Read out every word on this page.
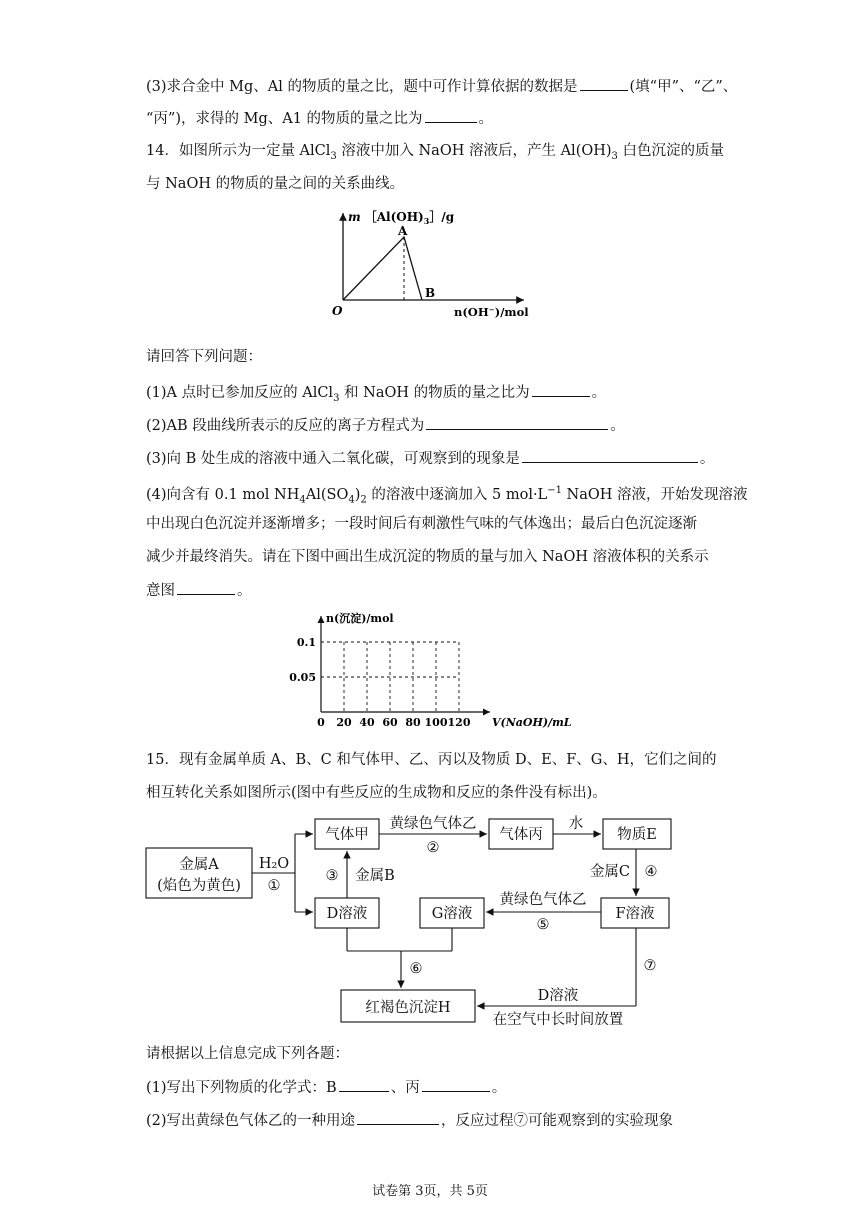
(3)求合金中 Mg、Al 的物质的量之比，题中可作计算依据的数据是	(填“甲”、“乙”、
“丙”)，求得的 Mg、A1 的物质的量之比为	。
14．如图所示为一定量 AlCl$_3$ 溶液中加入 NaOH 溶液后，产生 $Al(OH)_3$ 白色沉淀的质量
与 NaOH 的物质的量之间的关系曲线。
m $[Al(OH)_3]/g$
A
B
O	n(OH⁻)/mol
请回答下列问题：
(1)A 点时已参加反应的 AlCl$_3$ 和 NaOH 的物质的量之比为	。
(2)AB 段曲线所表示的反应的离子方程式为	。
(3)向 B 处生成的溶液中通入二氧化碳，可观察到的现象是	。
(4)向含有 0.1 mol $NH_4Al(SO_4)_2$ 的溶液中逐滴加入 5 $mol\cdot L^{-1}$ NaOH 溶液，开始发现溶液
中出现白色沉淀并逐渐增多；一段时间后有刺激性气味的气体逸出；最后白色沉淀逐渐
减少并最终消失。请在下图中画出生成沉淀的物质的量与加入 NaOH 溶液体积的关系示
意图	。
n(沉淀)/mol
0.1
0.05
0 20 40 60 80 100 120 V(NaOH)/mL
15．现有金属单质 A、B、C 和气体甲、乙、丙以及物质 D、E、F、G、H，它们之间的
相互转化关系如图所示(图中有些反应的生成物和反应的条件没有标出)。
金属A
(焰色为黄色)
H₂O
①
气体甲
黄绿色气体乙
②
气体丙
水
物质E
③ 金属B	金属C ④
D溶液	G溶液
黄绿色气体乙
⑤
F溶液
⑥	⑦
D溶液
在空气中长时间放置
红褐色沉淀H
请根据以上信息完成下列各题：
(1)写出下列物质的化学式：B	、丙	。
(2)写出黄绿色气体乙的一种用途	，反应过程⑦可能观察到的实验现象
试卷第 3页，共 5页
